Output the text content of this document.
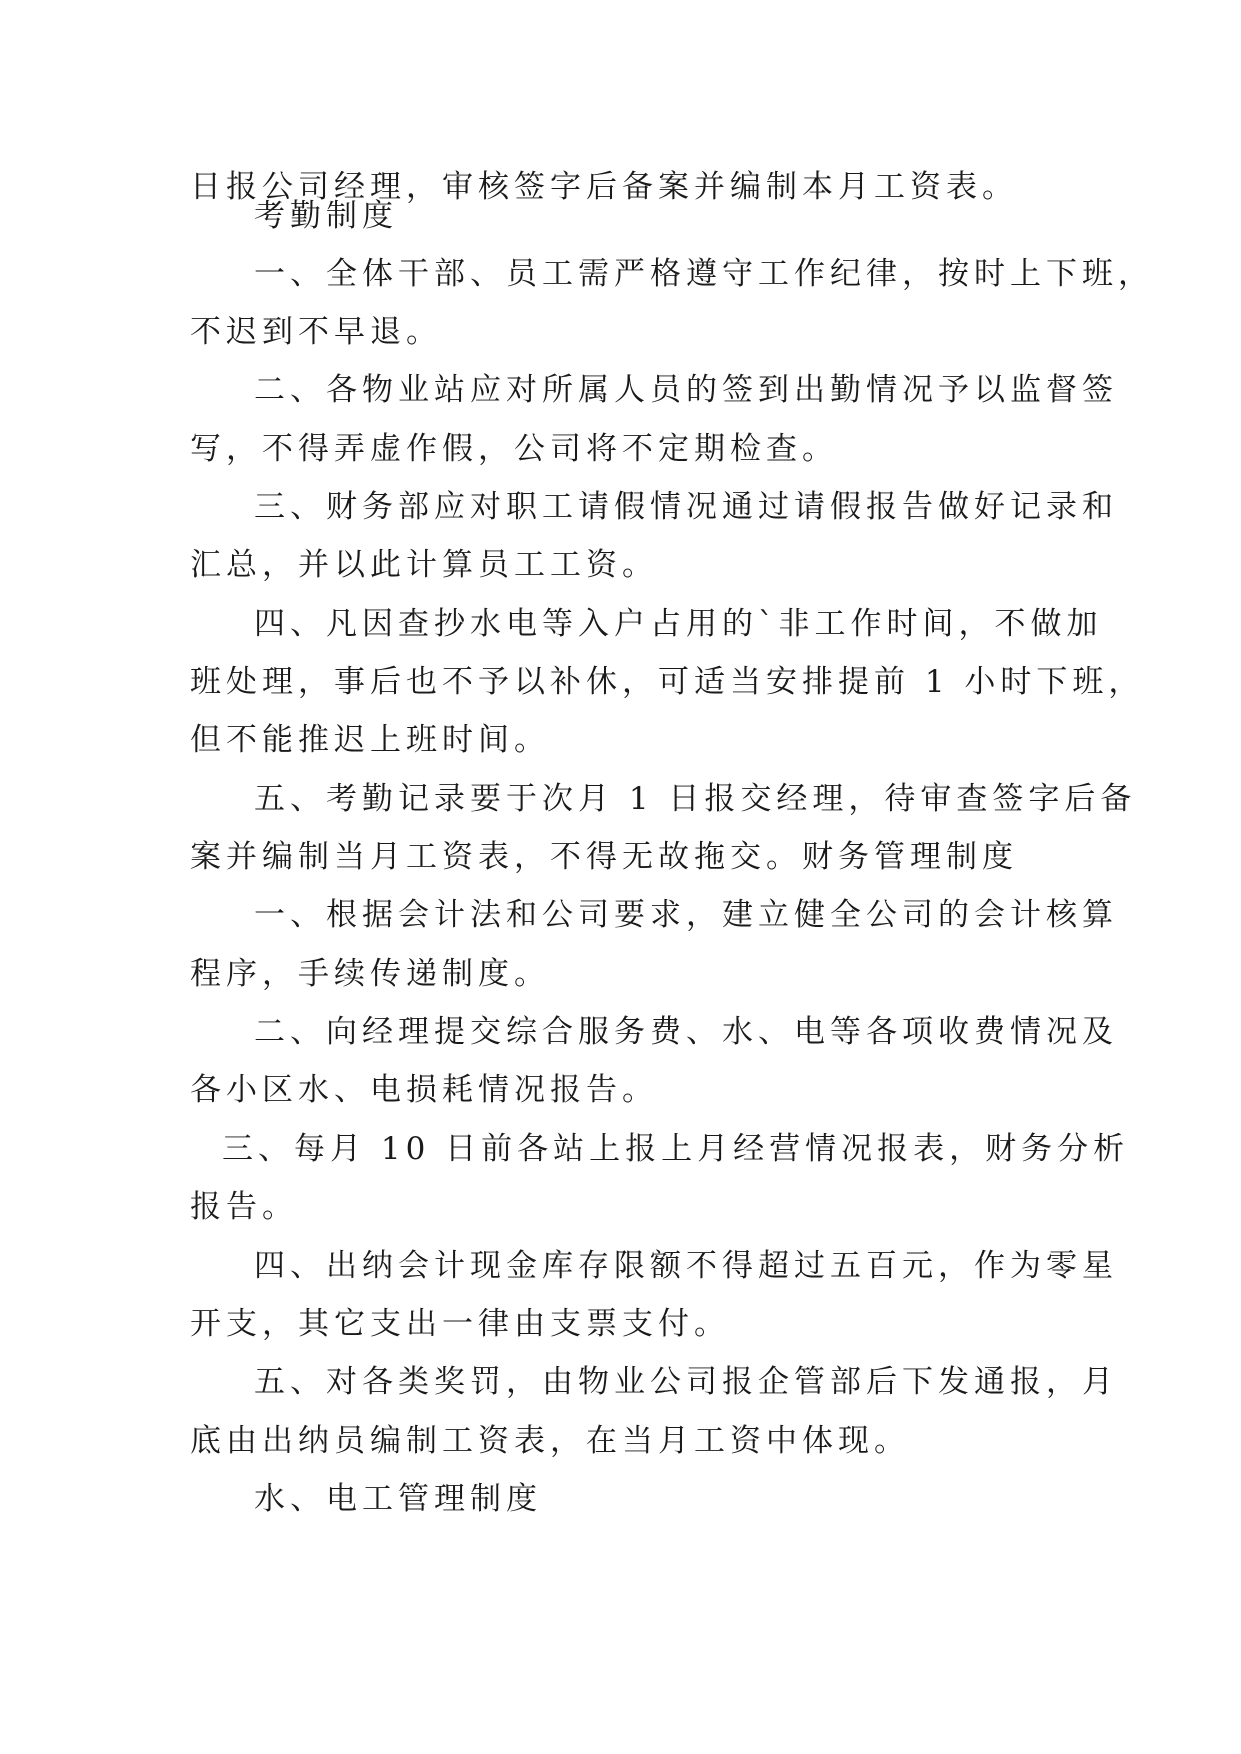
日报公司经理，审核签字后备案并编制本月工资表。
考勤制度
一、全体干部、员工需严格遵守工作纪律，按时上下班，
不迟到不早退。
二、各物业站应对所属人员的签到出勤情况予以监督签
写，不得弄虚作假，公司将不定期检查。
三、财务部应对职工请假情况通过请假报告做好记录和
汇总，并以此计算员工工资。
四、凡因查抄水电等入户占用的`非工作时间，不做加
班处理，事后也不予以补休，可适当安排提前 1 小时下班，
但不能推迟上班时间。
五、考勤记录要于次月 1 日报交经理，待审查签字后备
案并编制当月工资表，不得无故拖交。财务管理制度
一、根据会计法和公司要求，建立健全公司的会计核算
程序，手续传递制度。
二、向经理提交综合服务费、水、电等各项收费情况及
各小区水、电损耗情况报告。
三、每月 10 日前各站上报上月经营情况报表，财务分析
报告。
四、出纳会计现金库存限额不得超过五百元，作为零星
开支，其它支出一律由支票支付。
五、对各类奖罚，由物业公司报企管部后下发通报，月
底由出纳员编制工资表，在当月工资中体现。
水、电工管理制度
